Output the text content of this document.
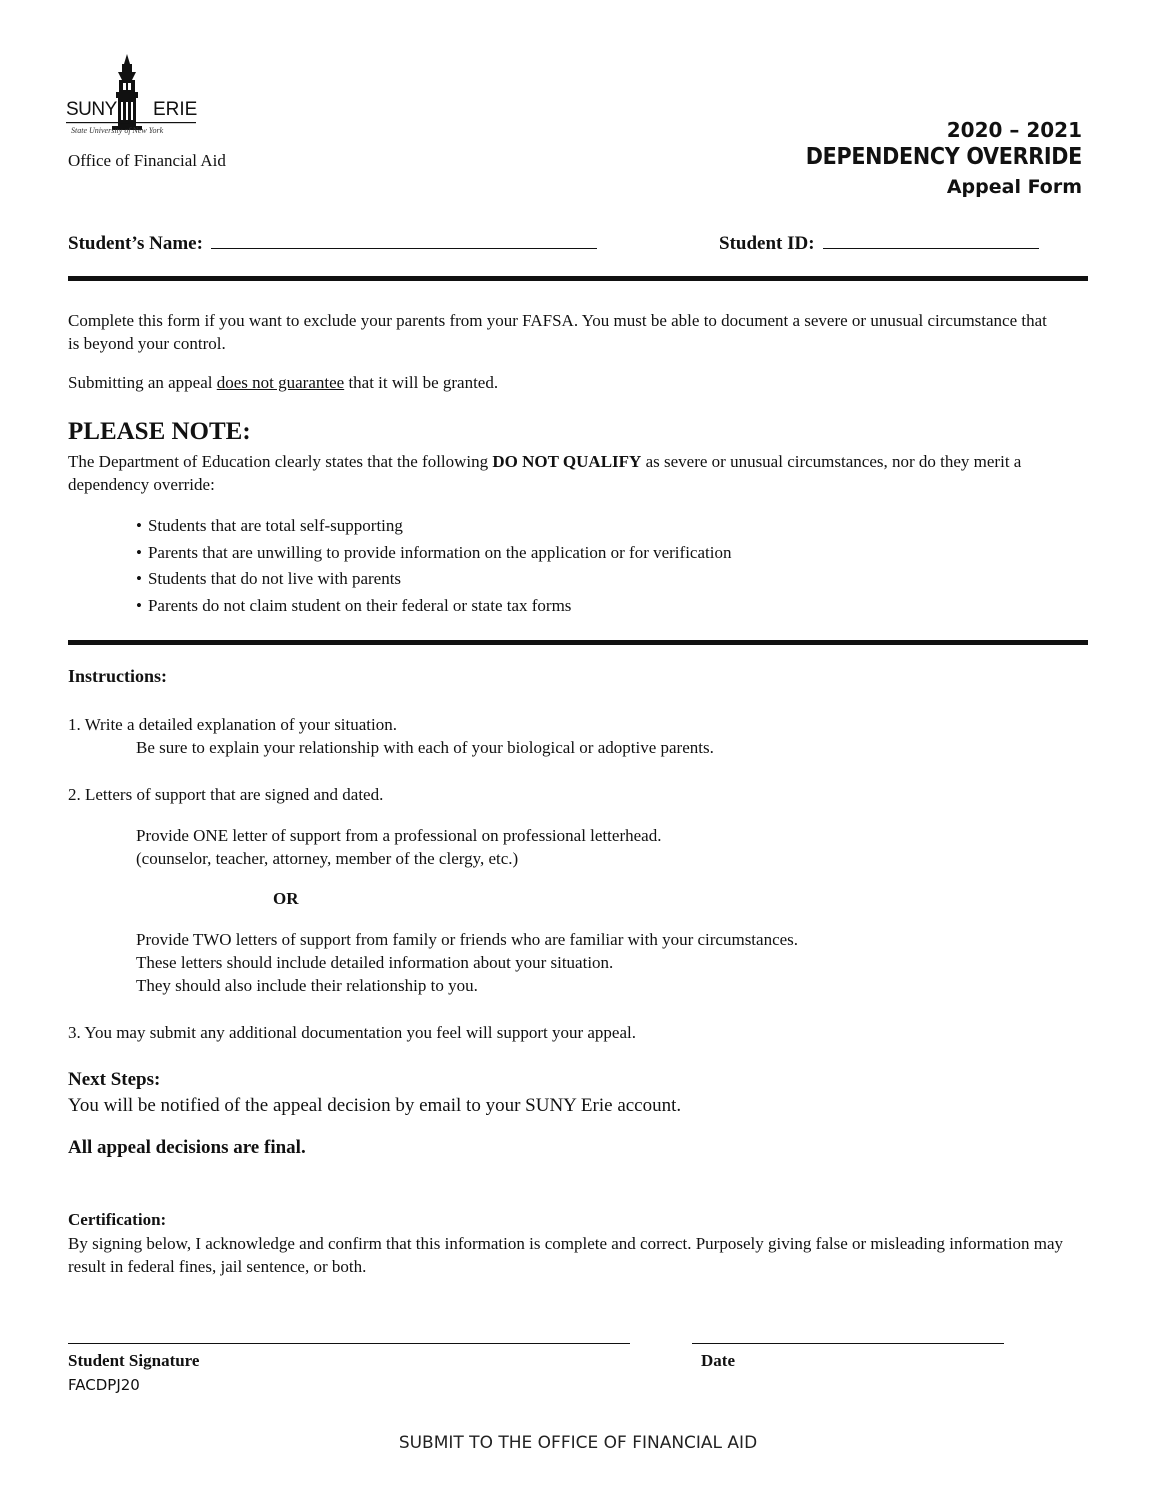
SUNY ERIE
State University of New York
Office of Financial Aid
2020 – 2021
DEPENDENCY OVERRIDE
Appeal Form
Student’s Name:	Student ID:
Complete this form if you want to exclude your parents from your FAFSA. You must be able to document a severe or unusual circumstance that is beyond your control.
Submitting an appeal does not guarantee that it will be granted.
PLEASE NOTE:
The Department of Education clearly states that the following DO NOT QUALIFY as severe or unusual circumstances, nor do they merit a dependency override:
• Students that are total self-supporting
• Parents that are unwilling to provide information on the application or for verification
• Students that do not live with parents
• Parents do not claim student on their federal or state tax forms
Instructions:
1. Write a detailed explanation of your situation.
Be sure to explain your relationship with each of your biological or adoptive parents.
2. Letters of support that are signed and dated.
Provide ONE letter of support from a professional on professional letterhead.
(counselor, teacher, attorney, member of the clergy, etc.)
OR
Provide TWO letters of support from family or friends who are familiar with your circumstances.
These letters should include detailed information about your situation.
They should also include their relationship to you.
3. You may submit any additional documentation you feel will support your appeal.
Next Steps:
You will be notified of the appeal decision by email to your SUNY Erie account.
All appeal decisions are final.
Certification:
By signing below, I acknowledge and confirm that this information is complete and correct. Purposely giving false or misleading information may result in federal fines, jail sentence, or both.
Student Signature	Date
FACDPJ20
SUBMIT TO THE OFFICE OF FINANCIAL AID
